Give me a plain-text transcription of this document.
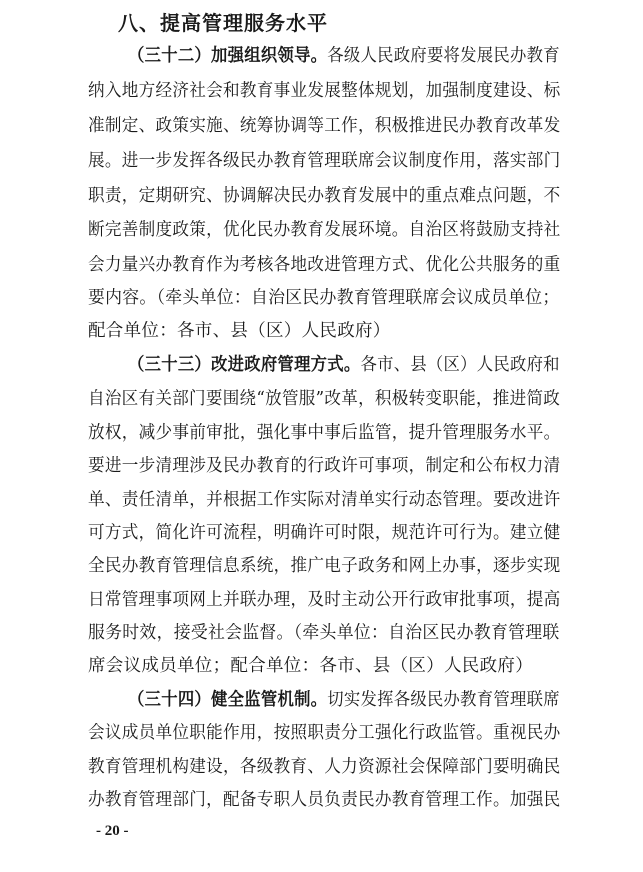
八、提高管理服务水平
（三十二）加强组织领导。各级人民政府要将发展民办教育
纳入地方经济社会和教育事业发展整体规划，加强制度建设、标
准制定、政策实施、统筹协调等工作，积极推进民办教育改革发
展。进一步发挥各级民办教育管理联席会议制度作用，落实部门
职责，定期研究、协调解决民办教育发展中的重点难点问题，不
断完善制度政策，优化民办教育发展环境。自治区将鼓励支持社
会力量兴办教育作为考核各地改进管理方式、优化公共服务的重
要内容。（牵头单位：自治区民办教育管理联席会议成员单位；
配合单位：各市、县（区）人民政府）
（三十三）改进政府管理方式。各市、县（区）人民政府和
自治区有关部门要围绕“放管服”改革，积极转变职能，推进简政
放权，减少事前审批，强化事中事后监管，提升管理服务水平。
要进一步清理涉及民办教育的行政许可事项，制定和公布权力清
单、责任清单，并根据工作实际对清单实行动态管理。要改进许
可方式，简化许可流程，明确许可时限，规范许可行为。建立健
全民办教育管理信息系统，推广电子政务和网上办事，逐步实现
日常管理事项网上并联办理，及时主动公开行政审批事项，提高
服务时效，接受社会监督。（牵头单位：自治区民办教育管理联
席会议成员单位；配合单位：各市、县（区）人民政府）
（三十四）健全监管机制。切实发挥各级民办教育管理联席
会议成员单位职能作用，按照职责分工强化行政监管。重视民办
教育管理机构建设，各级教育、人力资源社会保障部门要明确民
办教育管理部门，配备专职人员负责民办教育管理工作。加强民
- 20 -
